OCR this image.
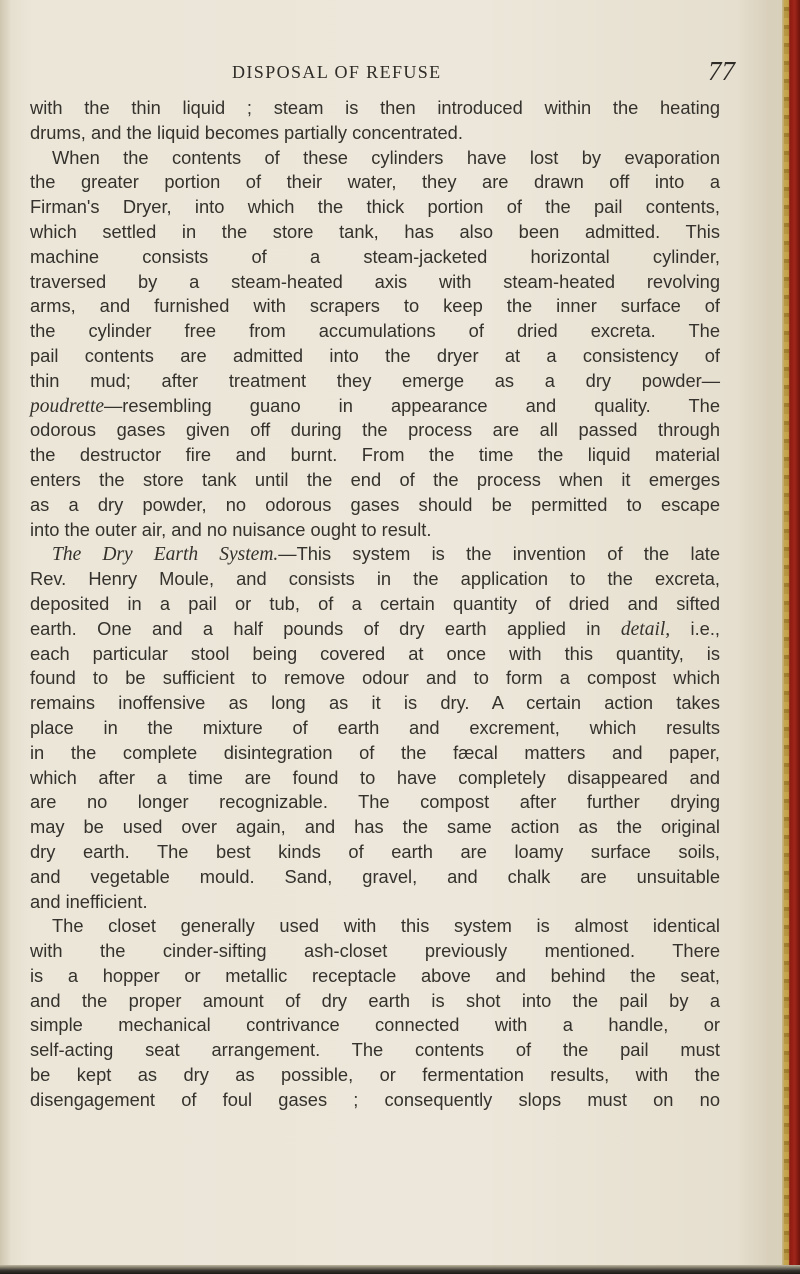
DISPOSAL OF REFUSE	77
with the thin liquid ; steam is then introduced within the heating
drums, and the liquid becomes partially concentrated.
When the contents of these cylinders have lost by evaporation
the greater portion of their water, they are drawn off into a
Firman's Dryer, into which the thick portion of the pail contents,
which settled in the store tank, has also been admitted. This
machine consists of a steam-jacketed horizontal cylinder,
traversed by a steam-heated axis with steam-heated revolving
arms, and furnished with scrapers to keep the inner surface of
the cylinder free from accumulations of dried excreta. The
pail contents are admitted into the dryer at a consistency of
thin mud; after treatment they emerge as a dry powder—
poudrette—resembling guano in appearance and quality. The
odorous gases given off during the process are all passed through
the destructor fire and burnt. From the time the liquid material
enters the store tank until the end of the process when it emerges
as a dry powder, no odorous gases should be permitted to escape
into the outer air, and no nuisance ought to result.
The Dry Earth System.—This system is the invention of the late
Rev. Henry Moule, and consists in the application to the excreta,
deposited in a pail or tub, of a certain quantity of dried and sifted
earth. One and a half pounds of dry earth applied in detail, i.e.,
each particular stool being covered at once with this quantity, is
found to be sufficient to remove odour and to form a compost which
remains inoffensive as long as it is dry. A certain action takes
place in the mixture of earth and excrement, which results
in the complete disintegration of the fæcal matters and paper,
which after a time are found to have completely disappeared and
are no longer recognizable. The compost after further drying
may be used over again, and has the same action as the original
dry earth. The best kinds of earth are loamy surface soils,
and vegetable mould. Sand, gravel, and chalk are unsuitable
and inefficient.
The closet generally used with this system is almost identical
with the cinder-sifting ash-closet previously mentioned. There
is a hopper or metallic receptacle above and behind the seat,
and the proper amount of dry earth is shot into the pail by a
simple mechanical contrivance connected with a handle, or
self-acting seat arrangement. The contents of the pail must
be kept as dry as possible, or fermentation results, with the
disengagement of foul gases ; consequently slops must on no
